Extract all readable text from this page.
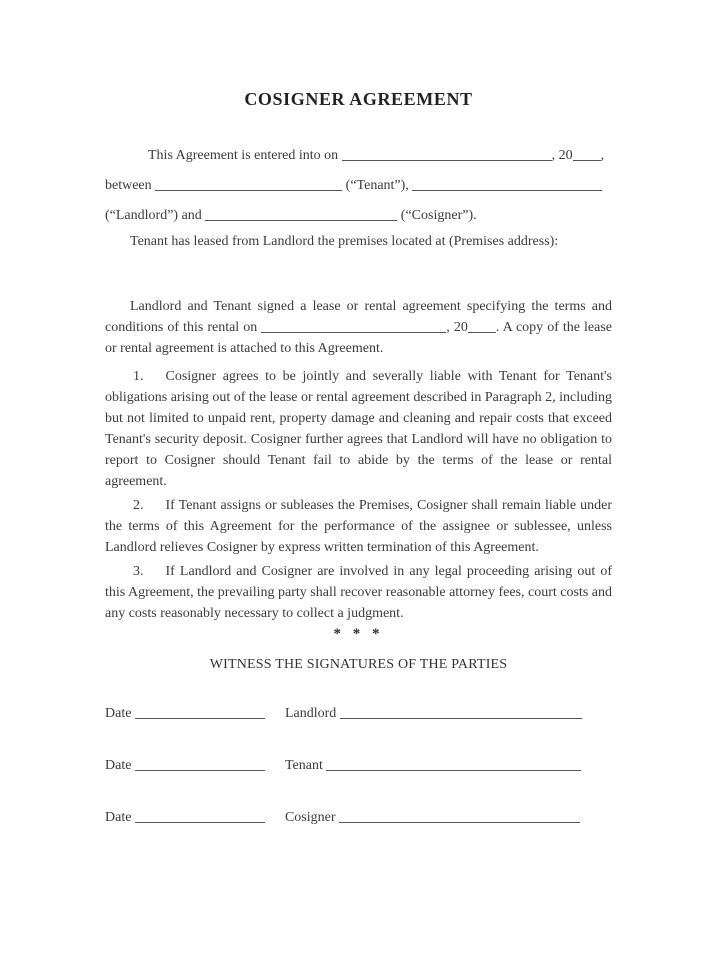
COSIGNER AGREEMENT
This Agreement is entered into on	, 20 ,
between	(“Tenant”),
(“Landlord”) and	(“Cosigner”).

Tenant has leased from Landlord the premises located at (Premises address):

Landlord and Tenant signed a lease or rental agreement specifying the terms and conditions of this rental on	, 20 . A copy of the lease or rental agreement is attached to this Agreement.

1. Cosigner agrees to be jointly and severally liable with Tenant for Tenant's obligations arising out of the lease or rental agreement described in Paragraph 2, including but not limited to unpaid rent, property damage and cleaning and repair costs that exceed Tenant's security deposit. Cosigner further agrees that Landlord will have no obligation to report to Cosigner should Tenant fail to abide by the terms of the lease or rental agreement.

2. If Tenant assigns or subleases the Premises, Cosigner shall remain liable under the terms of this Agreement for the performance of the assignee or sublessee, unless Landlord relieves Cosigner by express written termination of this Agreement.

3. If Landlord and Cosigner are involved in any legal proceeding arising out of this Agreement, the prevailing party shall recover reasonable attorney fees, court costs and any costs reasonably necessary to collect a judgment.

* * *
WITNESS THE SIGNATURES OF THE PARTIES
Date	Landlord
Date	Tenant
Date	Cosigner
